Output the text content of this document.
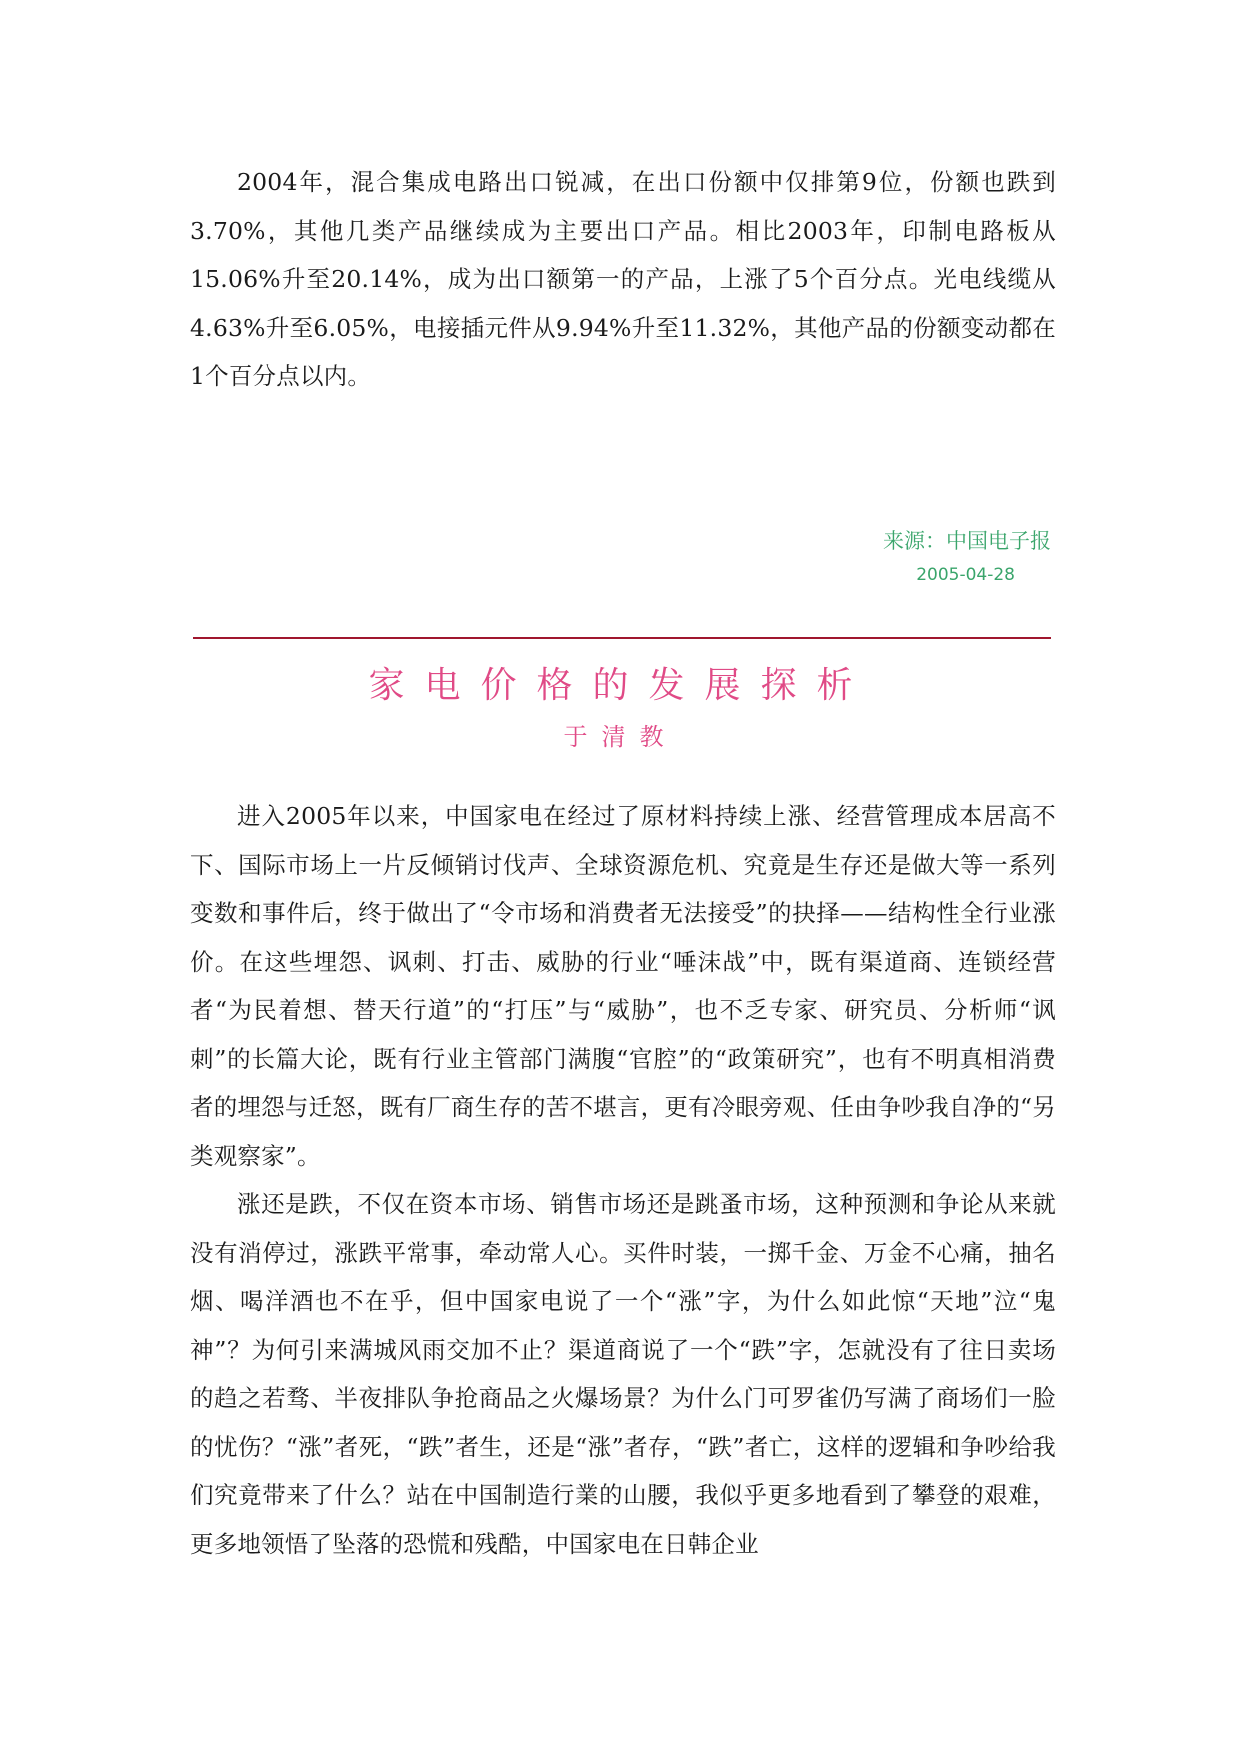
2004年，混合集成电路出口锐减，在出口份额中仅排第9位，份额也跌到3.70%，其他几类产品继续成为主要出口产品。相比2003年，印制电路板从15.06%升至20.14%，成为出口额第一的产品，上涨了5个百分点。光电线缆从4.63%升至6.05%，电接插元件从9.94%升至11.32%，其他产品的份额变动都在1个百分点以内。

来源：中国电子报
2005-04-28
家电价格的发展探析
于清教

进入2005年以来，中国家电在经过了原材料持续上涨、经营管理成本居高不下、国际市场上一片反倾销讨伐声、全球资源危机、究竟是生存还是做大等一系列变数和事件后，终于做出了“令市场和消费者无法接受”的抉择——结构性全行业涨价。在这些埋怨、讽刺、打击、威胁的行业“唾沫战”中，既有渠道商、连锁经营者“为民着想、替天行道”的“打压”与“威胁”，也不乏专家、研究员、分析师“讽刺”的长篇大论，既有行业主管部门满腹“官腔”的“政策研究”，也有不明真相消费者的埋怨与迁怒，既有厂商生存的苦不堪言，更有冷眼旁观、任由争吵我自净的“另类观察家”。

涨还是跌，不仅在资本市场、销售市场还是跳蚤市场，这种预测和争论从来就没有消停过，涨跌平常事，牵动常人心。买件时装，一掷千金、万金不心痛，抽名烟、喝洋酒也不在乎，但中国家电说了一个“涨”字，为什么如此惊“天地”泣“鬼神”？为何引来满城风雨交加不止？渠道商说了一个“跌”字，怎就没有了往日卖场的趋之若骛、半夜排队争抢商品之火爆场景？为什么门可罗雀仍写满了商场们一脸的忧伤？“涨”者死，“跌”者生，还是“涨”者存，“跌”者亡，这样的逻辑和争吵给我们究竟带来了什么？站在中国制造行業的山腰，我似乎更多地看到了攀登的艰难，更多地领悟了坠落的恐慌和残酷，中国家电在日韩企业
